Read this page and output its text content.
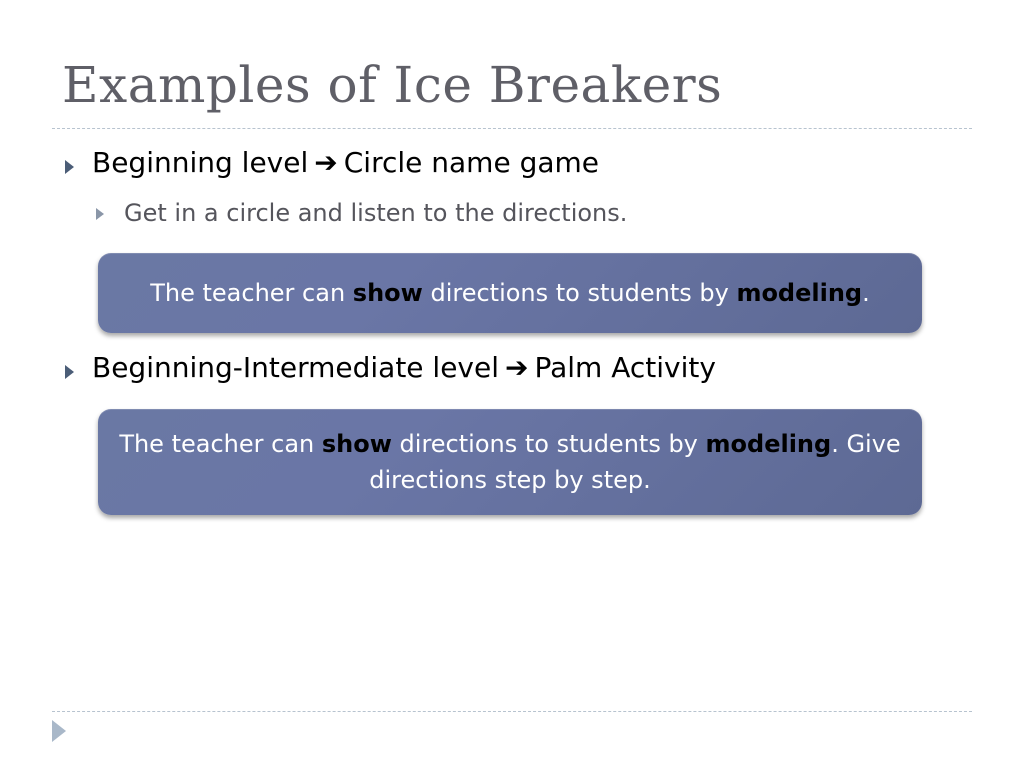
Examples of Ice Breakers
Beginning level ➔ Circle name game
Get in a circle and listen to the directions.
The teacher can show directions to students by modeling.
Beginning-Intermediate level ➔ Palm Activity
The teacher can show directions to students by modeling. Give directions step by step.
